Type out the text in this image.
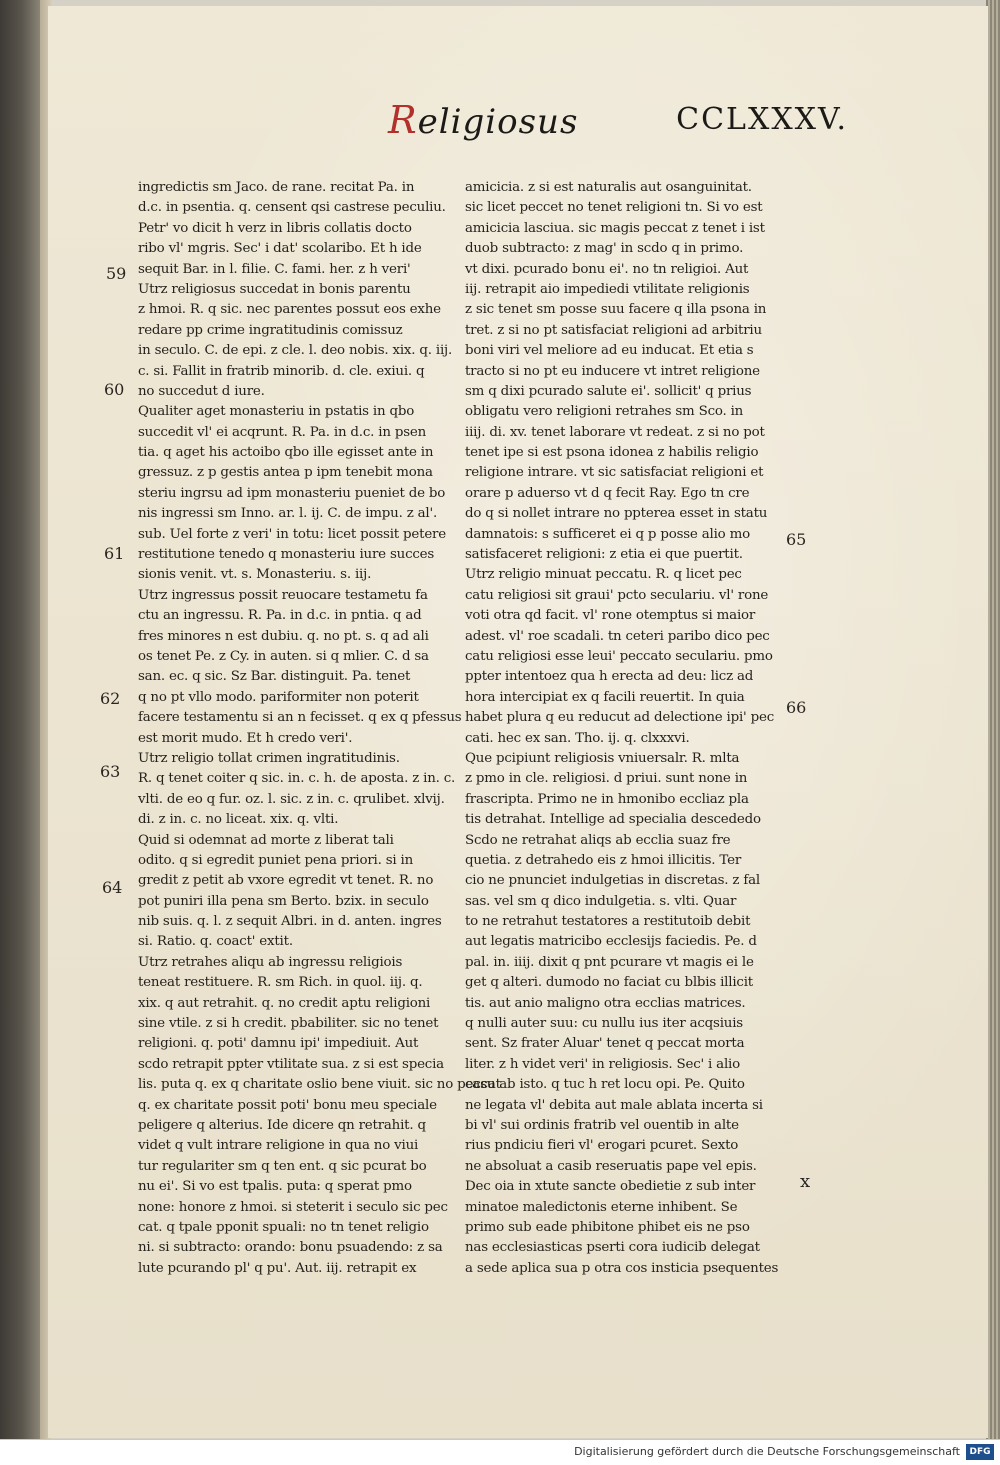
Religiosus	CCLXXXV.
ingredictis sm Jaco. de rane. recitat Pa. in
d.c. in psentia. q. censent qsi castrese peculiu.
Petr' vo dicit h verz in libris collatis docto
ribo vl' mgris. Sec' i dat' scolaribo. Et h ide
sequit Bar. in l. filie. C. fami. her. z h veri'
Utrz religiosus succedat in bonis parentu
z hmoi. R. q sic. nec parentes possut eos exhe
redare pp crime ingratitudinis comissuz
in seculo. C. de epi. z cle. l. deo nobis. xix. q. iij.
c. si. Fallit in fratrib minorib. d. cle. exiui. q
no succedut d iure.
Qualiter aget monasteriu in pstatis in qbo
succedit vl' ei acqrunt. R. Pa. in d.c. in psen
tia. q aget his actoibo qbo ille egisset ante in
gressuz. z p gestis antea p ipm tenebit mona
steriu ingrsu ad ipm monasteriu pueniet de bo
nis ingressi sm Inno. ar. l. ij. C. de impu. z al'.
sub. Uel forte z veri' in totu: licet possit petere
restitutione tenedo q monasteriu iure succes
sionis venit. vt. s. Monasteriu. s. iij.
Utrz ingressus possit reuocare testametu fa
ctu an ingressu. R. Pa. in d.c. in pntia. q ad
fres minores n est dubiu. q. no pt. s. q ad ali
os tenet Pe. z Cy. in auten. si q mlier. C. d sa
san. ec. q sic. Sz Bar. distinguit. Pa. tenet
q no pt vllo modo. pariformiter non poterit
facere testamentu si an n fecisset. q ex q pfessus
est morit mudo. Et h credo veri'.
Utrz religio tollat crimen ingratitudinis.
R. q tenet coiter q sic. in. c. h. de aposta. z in. c.
vlti. de eo q fur. oz. l. sic. z in. c. qrulibet. xlvij.
di. z in. c. no liceat. xix. q. vlti.
Quid si odemnat ad morte z liberat tali
odito. q si egredit puniet pena priori. si in
gredit z petit ab vxore egredit vt tenet. R. no
pot puniri illa pena sm Berto. bzix. in seculo
nib suis. q. l. z sequit Albri. in d. anten. ingres
si. Ratio. q. coact' extit.
Utrz retrahes aliqu ab ingressu religiois
teneat restituere. R. sm Rich. in quol. iij. q.
xix. q aut retrahit. q. no credit aptu religioni
sine vtile. z si h credit. pbabiliter. sic no tenet
religioni. q. poti' damnu ipi' impediuit. Aut
scdo retrapit ppter vtilitate sua. z si est specia
lis. puta q. ex q charitate oslio bene viuit. sic no peccat
q. ex charitate possit poti' bonu meu speciale
peligere q alterius. Ide dicere qn retrahit. q
videt q vult intrare religione in qua no viui
tur regulariter sm q ten ent. q sic pcurat bo
nu ei'. Si vo est tpalis. puta: q sperat pmo
none: honore z hmoi. si steterit i seculo sic pec
cat. q tpale pponit spuali: no tn tenet religio
ni. si subtracto: orando: bonu psuadendo: z sa
lute pcurando pl' q pu'. Aut. iij. retrapit ex
amicicia. z si est naturalis aut osanguinitat.
sic licet peccet no tenet religioni tn. Si vo est
amicicia lasciua. sic magis peccat z tenet i ist
duob subtracto: z mag' in scdo q in primo.
vt dixi. pcurado bonu ei'. no tn religioi. Aut
iij. retrapit aio impediedi vtilitate religionis
z sic tenet sm posse suu facere q illa psona in
tret. z si no pt satisfaciat religioni ad arbitriu
boni viri vel meliore ad eu inducat. Et etia s
tracto si no pt eu inducere vt intret religione
sm q dixi pcurado salute ei'. sollicit' q prius
obligatu vero religioni retrahes sm Sco. in
iiij. di. xv. tenet laborare vt redeat. z si no pot
tenet ipe si est psona idonea z habilis religio
religione intrare. vt sic satisfaciat religioni et
orare p aduerso vt d q fecit Ray. Ego tn cre
do q si nollet intrare no ppterea esset in statu
damnatois: s sufficeret ei q p posse alio mo
satisfaceret religioni: z etia ei que puertit.
Utrz religio minuat peccatu. R. q licet pec
catu religiosi sit graui' pcto seculariu. vl' rone
voti otra qd facit. vl' rone otemptus si maior
adest. vl' roe scadali. tn ceteri paribo dico pec
catu religiosi esse leui' peccato seculariu. pmo
ppter intentoez qua h erecta ad deu: licz ad
hora intercipiat ex q facili reuertit. In quia
habet plura q eu reducut ad delectione ipi' pec
cati. hec ex san. Tho. ij. q. clxxxvi.
Que pcipiunt religiosis vniuersalr. R. mlta
z pmo in cle. religiosi. d priui. sunt none in
frascripta. Primo ne in hmonibo eccliaz pla
tis detrahat. Intellige ad specialia descededo
Scdo ne retrahat aliqs ab ecclia suaz fre
quetia. z detrahedo eis z hmoi illicitis. Ter
cio ne pnunciet indulgetias in discretas. z fal
sas. vel sm q dico indulgetia. s. vlti. Quar
to ne retrahut testatores a restitutoib debit
aut legatis matricibo ecclesijs faciedis. Pe. d
pal. in. iiij. dixit q pnt pcurare vt magis ei le
get q alteri. dumodo no faciat cu blbis illicit
tis. aut anio maligno otra ecclias matrices.
q nulli auter suu: cu nullu ius iter acqsiuis
sent. Sz frater Aluar' tenet q peccat morta
liter. z h videt veri' in religiosis. Sec' i alio
casu ab isto. q tuc h ret locu opi. Pe. Quito
ne legata vl' debita aut male ablata incerta si
bi vl' sui ordinis fratrib vel ouentib in alte
rius pndiciu fieri vl' erogari pcuret. Sexto
ne absoluat a casib reseruatis pape vel epis.
Dec oia in xtute sancte obedietie z sub inter
minatoe maledictonis eterne inhibent. Se
primo sub eade phibitone phibet eis ne pso
nas ecclesiasticas pserti cora iudicib delegat
a sede aplica sua p otra cos insticia psequentes
59
60
61
62
63
64
65
66
x
Digitalisierung gefördert durch die Deutsche Forschungsgemeinschaft	DFG
